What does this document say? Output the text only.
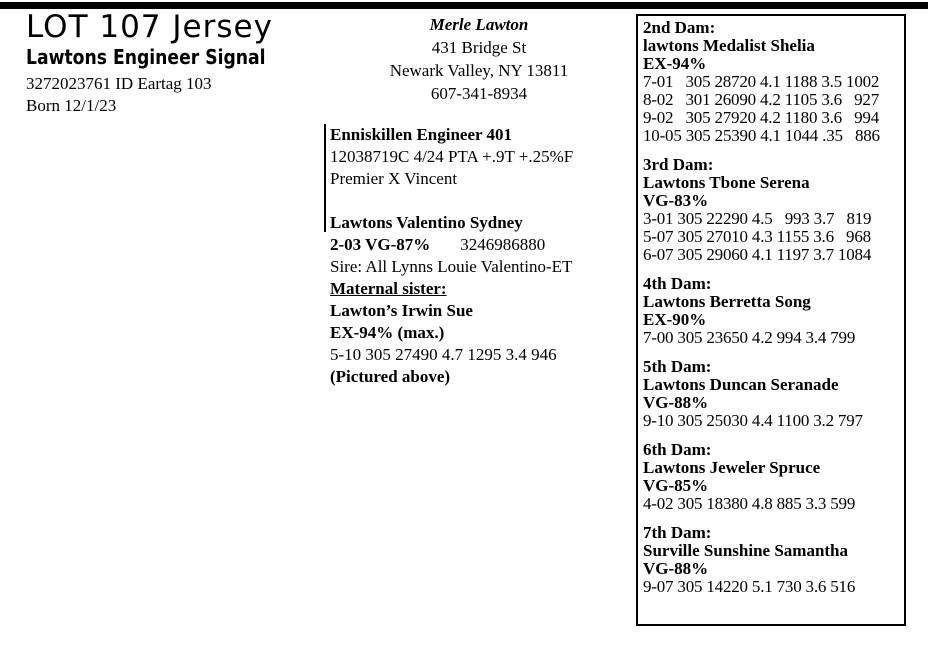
LOT 107 Jersey
Lawtons Engineer Signal
3272023761 ID Eartag 103
Born 12/1/23
Merle Lawton
431 Bridge St
Newark Valley, NY 13811
607-341-8934
Enniskillen Engineer 401
12038719C 4/24 PTA +.9T +.25%F
Premier X Vincent
Lawtons Valentino Sydney
2-03 VG-87% 3246986880
Sire: All Lynns Louie Valentino-ET
Maternal sister:
Lawton’s Irwin Sue
EX-94% (max.)
5-10 305 27490 4.7 1295 3.4 946
(Pictured above)
2nd Dam:
lawtons Medalist Shelia
EX-94%
7-01   305 28720 4.1 1188 3.5 1002
8-02   301 26090 4.2 1105 3.6   927
9-02   305 27920 4.2 1180 3.6   994
10-05 305 25390 4.1 1044 .35   886
3rd Dam:
Lawtons Tbone Serena
VG-83%
3-01 305 22290 4.5   993 3.7   819
5-07 305 27010 4.3 1155 3.6   968
6-07 305 29060 4.1 1197 3.7 1084
4th Dam:
Lawtons Berretta Song
EX-90%
7-00 305 23650 4.2 994 3.4 799
5th Dam:
Lawtons Duncan Seranade
VG-88%
9-10 305 25030 4.4 1100 3.2 797
6th Dam:
Lawtons Jeweler Spruce
VG-85%
4-02 305 18380 4.8 885 3.3 599
7th Dam:
Surville Sunshine Samantha
VG-88%
9-07 305 14220 5.1 730 3.6 516
